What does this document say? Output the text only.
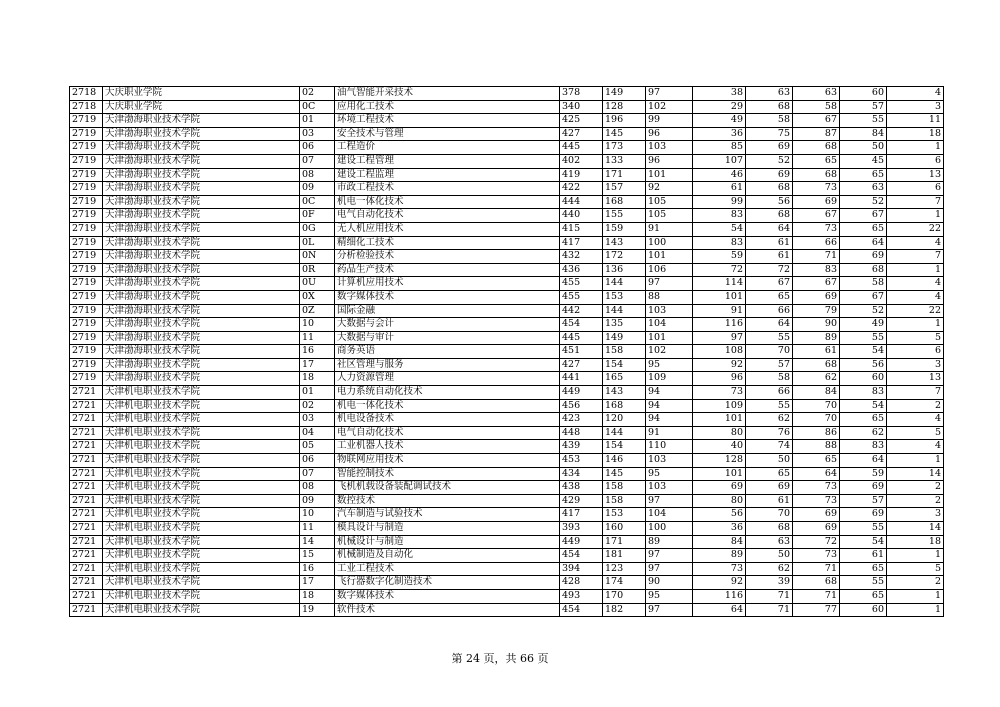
2718	大庆职业学院	02	油气智能开采技术	378	149	97	38	63	63	60	4
2718	大庆职业学院	0C	应用化工技术	340	128	102	29	68	58	57	3
2719	天津渤海职业技术学院	01	环境工程技术	425	196	99	49	58	67	55	11
2719	天津渤海职业技术学院	03	安全技术与管理	427	145	96	36	75	87	84	18
2719	天津渤海职业技术学院	06	工程造价	445	173	103	85	69	68	50	1
2719	天津渤海职业技术学院	07	建设工程管理	402	133	96	107	52	65	45	6
2719	天津渤海职业技术学院	08	建设工程监理	419	171	101	46	69	68	65	13
2719	天津渤海职业技术学院	09	市政工程技术	422	157	92	61	68	73	63	6
2719	天津渤海职业技术学院	0C	机电一体化技术	444	168	105	99	56	69	52	7
2719	天津渤海职业技术学院	0F	电气自动化技术	440	155	105	83	68	67	67	1
2719	天津渤海职业技术学院	0G	无人机应用技术	415	159	91	54	64	73	65	22
2719	天津渤海职业技术学院	0L	精细化工技术	417	143	100	83	61	66	64	4
2719	天津渤海职业技术学院	0N	分析检验技术	432	172	101	59	61	71	69	7
2719	天津渤海职业技术学院	0R	药品生产技术	436	136	106	72	72	83	68	1
2719	天津渤海职业技术学院	0U	计算机应用技术	455	144	97	114	67	67	58	4
2719	天津渤海职业技术学院	0X	数字媒体技术	455	153	88	101	65	69	67	4
2719	天津渤海职业技术学院	0Z	国际金融	442	144	103	91	66	79	52	22
2719	天津渤海职业技术学院	10	大数据与会计	454	135	104	116	64	90	49	1
2719	天津渤海职业技术学院	11	大数据与审计	445	149	101	97	55	89	55	5
2719	天津渤海职业技术学院	16	商务英语	451	158	102	108	70	61	54	6
2719	天津渤海职业技术学院	17	社区管理与服务	427	154	95	92	57	68	56	3
2719	天津渤海职业技术学院	18	人力资源管理	441	165	109	96	58	62	60	13
2721	天津机电职业技术学院	01	电力系统自动化技术	449	143	94	73	66	84	83	7
2721	天津机电职业技术学院	02	机电一体化技术	456	168	94	109	55	70	54	2
2721	天津机电职业技术学院	03	机电设备技术	423	120	94	101	62	70	65	4
2721	天津机电职业技术学院	04	电气自动化技术	448	144	91	80	76	86	62	5
2721	天津机电职业技术学院	05	工业机器人技术	439	154	110	40	74	88	83	4
2721	天津机电职业技术学院	06	物联网应用技术	453	146	103	128	50	65	64	1
2721	天津机电职业技术学院	07	智能控制技术	434	145	95	101	65	64	59	14
2721	天津机电职业技术学院	08	飞机机载设备装配调试技术	438	158	103	69	69	73	69	2
2721	天津机电职业技术学院	09	数控技术	429	158	97	80	61	73	57	2
2721	天津机电职业技术学院	10	汽车制造与试验技术	417	153	104	56	70	69	69	3
2721	天津机电职业技术学院	11	模具设计与制造	393	160	100	36	68	69	55	14
2721	天津机电职业技术学院	14	机械设计与制造	449	171	89	84	63	72	54	18
2721	天津机电职业技术学院	15	机械制造及自动化	454	181	97	89	50	73	61	1
2721	天津机电职业技术学院	16	工业工程技术	394	123	97	73	62	71	65	5
2721	天津机电职业技术学院	17	飞行器数字化制造技术	428	174	90	92	39	68	55	2
2721	天津机电职业技术学院	18	数字媒体技术	493	170	95	116	71	71	65	1
2721	天津机电职业技术学院	19	软件技术	454	182	97	64	71	77	60	1
第 24 页，共 66 页
